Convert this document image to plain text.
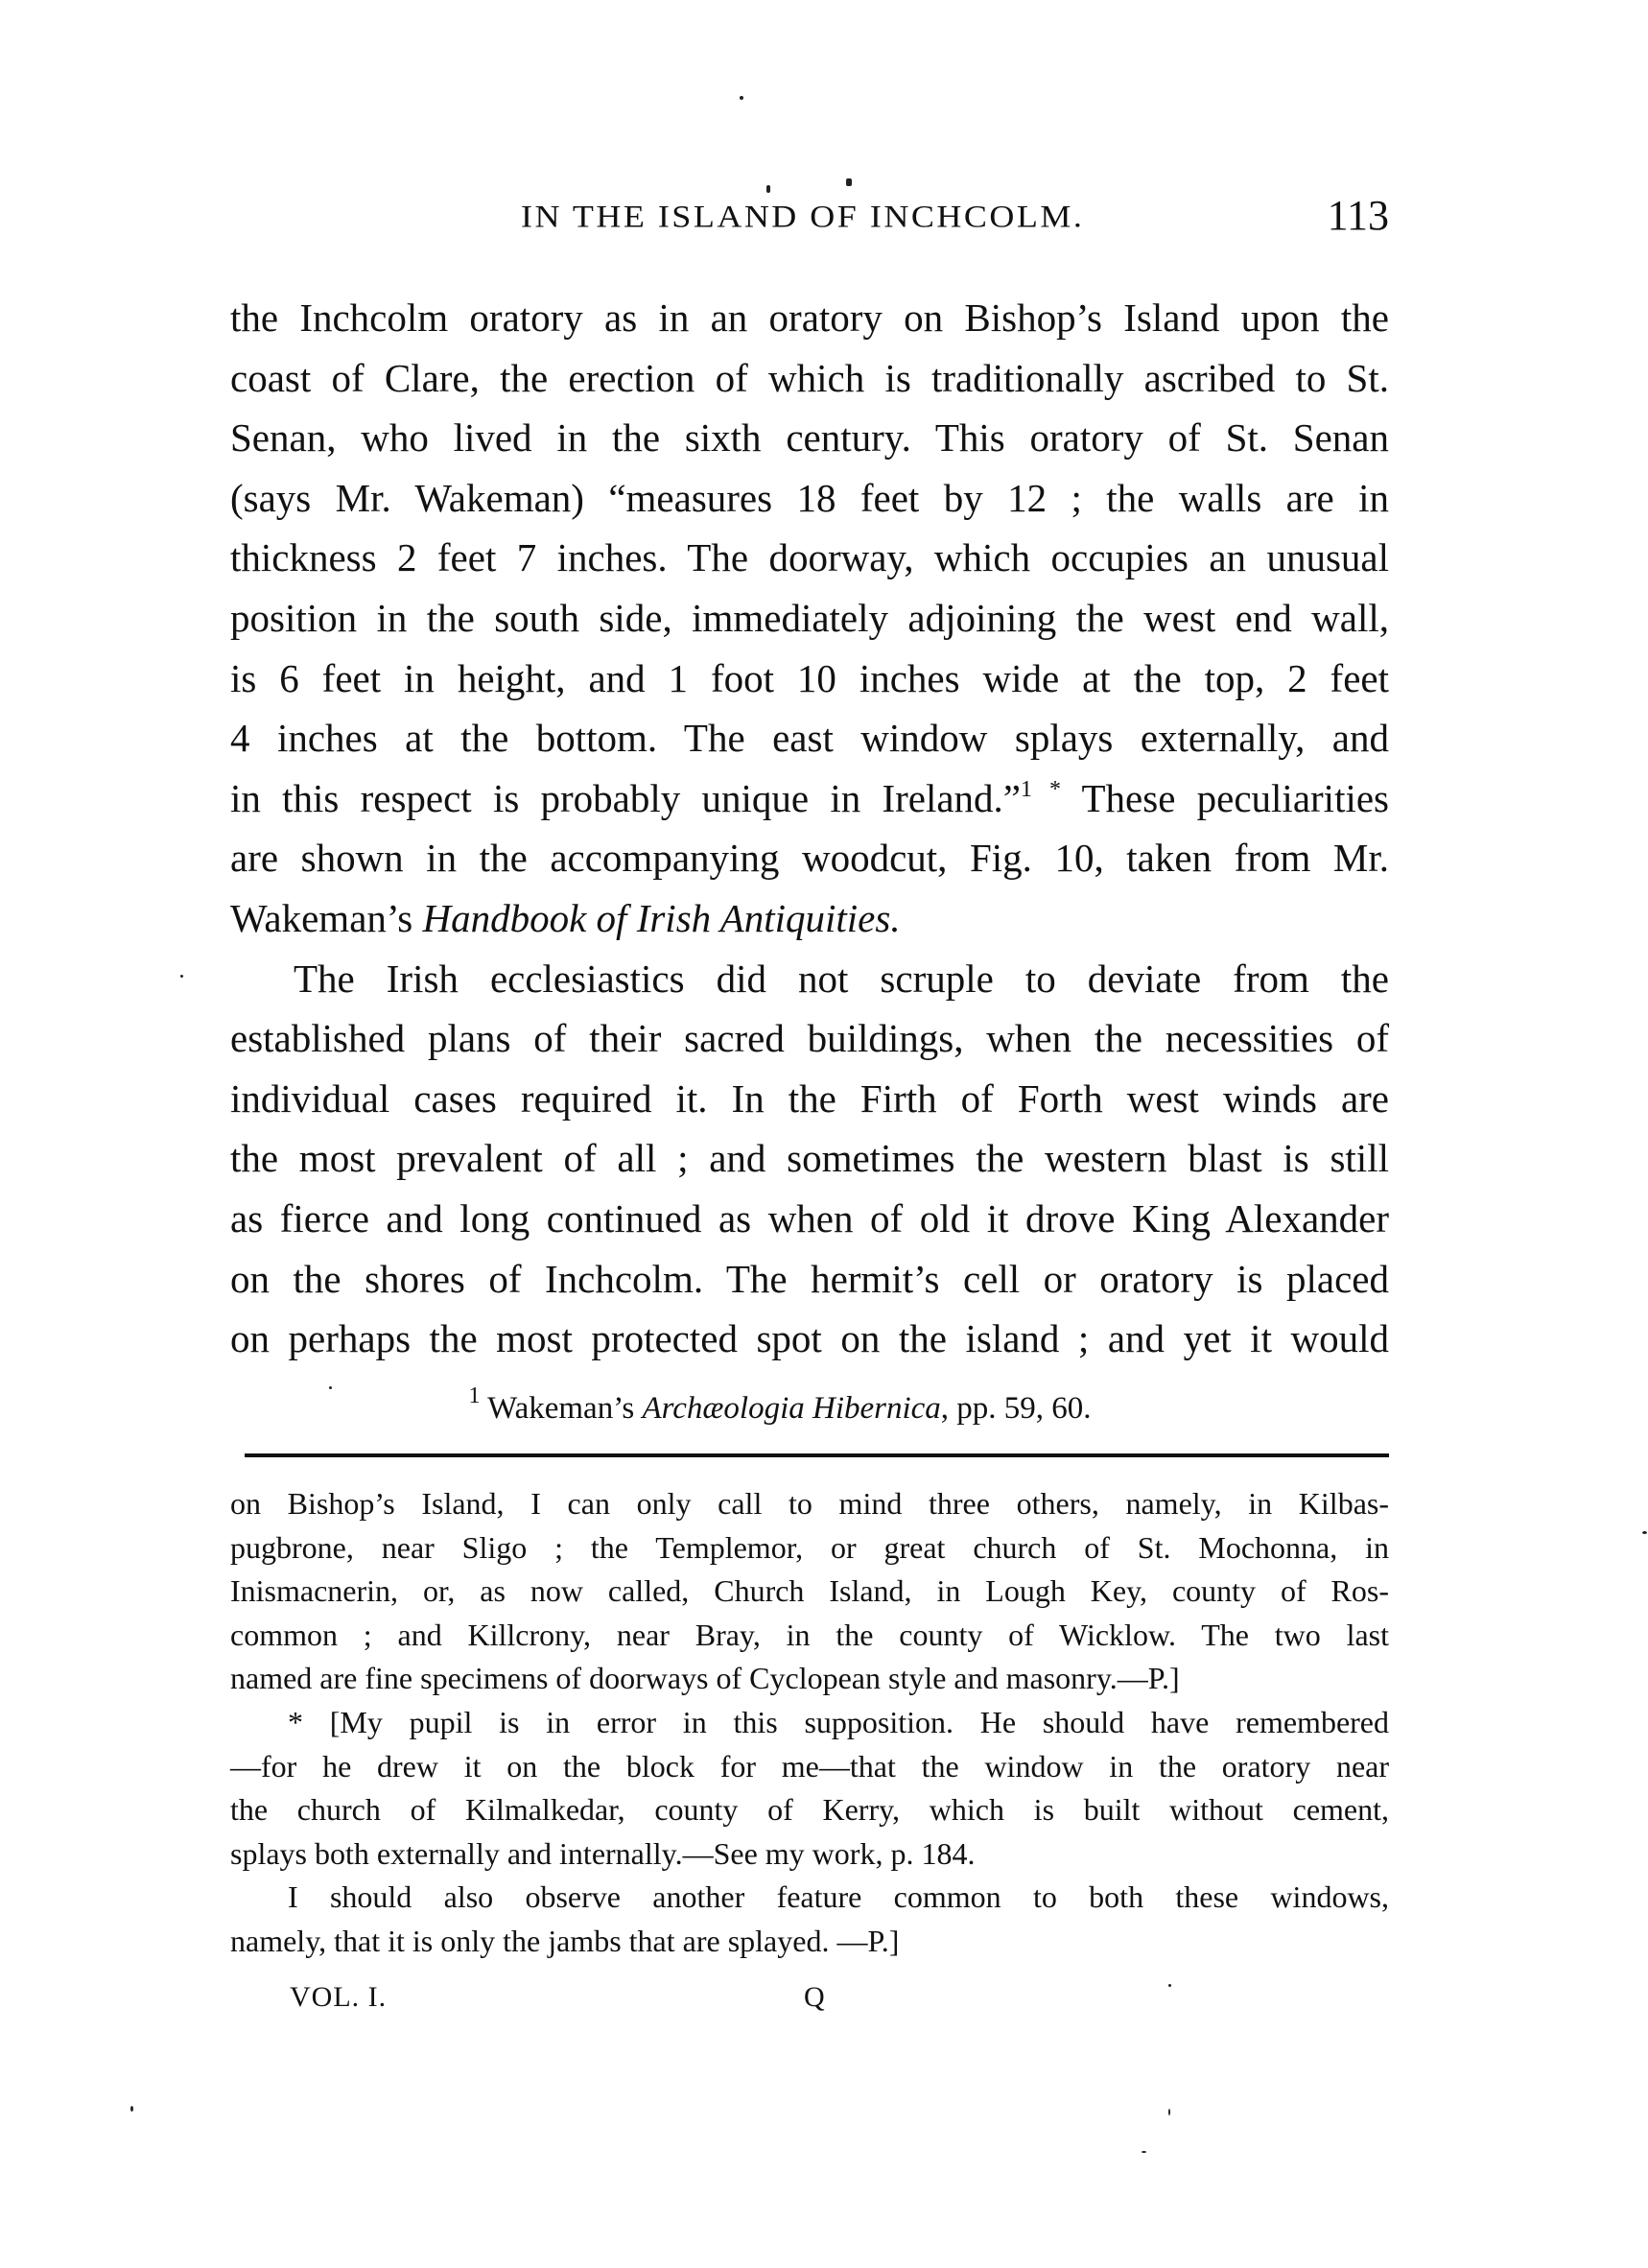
IN THE ISLAND OF INCHCOLM.	113
the Inchcolm oratory as in an oratory on Bishop’s Island upon the
coast of Clare, the erection of which is traditionally ascribed to St.
Senan, who lived in the sixth century. This oratory of St. Senan
(says Mr. Wakeman) “measures 18 feet by 12 ; the walls are in
thickness 2 feet 7 inches. The doorway, which occupies an unusual
position in the south side, immediately adjoining the west end wall,
is 6 feet in height, and 1 foot 10 inches wide at the top, 2 feet
4 inches at the bottom. The east window splays externally, and
in this respect is probably unique in Ireland.”$^{1 *}$ These peculiarities
are shown in the accompanying woodcut, Fig. 10, taken from Mr.
Wakeman’s Handbook of Irish Antiquities.
The Irish ecclesiastics did not scruple to deviate from the
established plans of their sacred buildings, when the necessities of
individual cases required it. In the Firth of Forth west winds are
the most prevalent of all ; and sometimes the western blast is still
as fierce and long continued as when of old it drove King Alexander
on the shores of Inchcolm. The hermit’s cell or oratory is placed
on perhaps the most protected spot on the island ; and yet it would
$^1$ Wakeman’s Archæologia Hibernica, pp. 59, 60.
on Bishop’s Island, I can only call to mind three others, namely, in Kilbas-
pugbrone, near Sligo ; the Templemor, or great church of St. Mochonna, in
Inismacnerin, or, as now called, Church Island, in Lough Key, county of Ros-
common ; and Killcrony, near Bray, in the county of Wicklow. The two last
named are fine specimens of doorways of Cyclopean style and masonry.—P.]
* [My pupil is in error in this supposition. He should have remembered
—for he drew it on the block for me—that the window in the oratory near
the church of Kilmalkedar, county of Kerry, which is built without cement,
splays both externally and internally.—See my work, p. 184.
I should also observe another feature common to both these windows,
namely, that it is only the jambs that are splayed. —P.]
VOL. I.	Q
